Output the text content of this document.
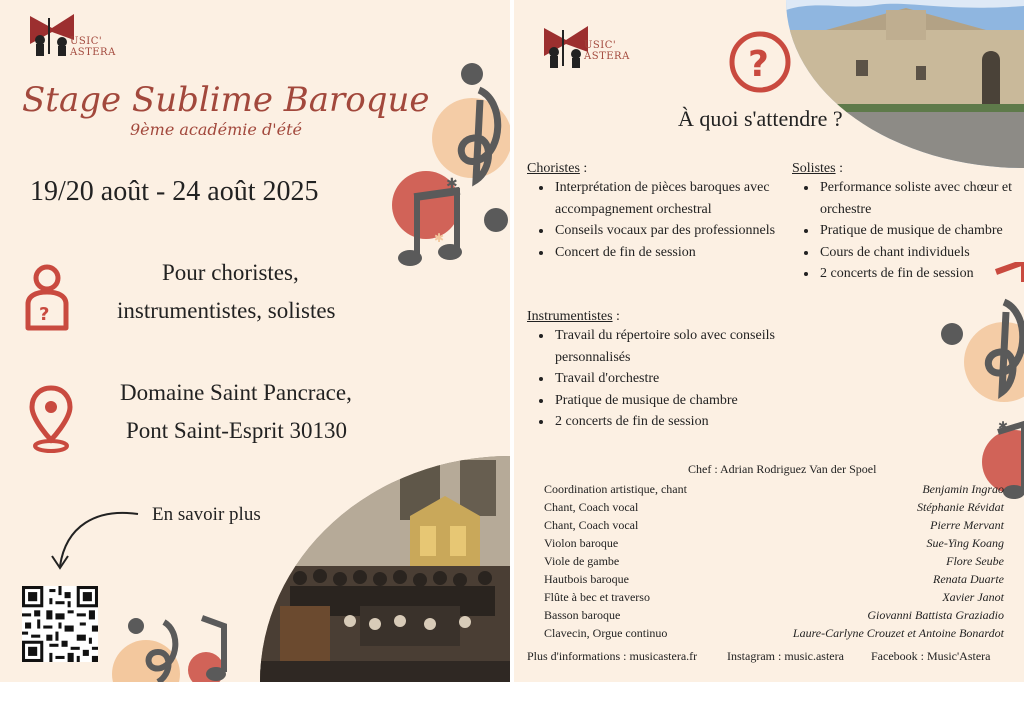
USIC' ASTERA
Stage Sublime Baroque
9ème académie d'été
✱
✱
19/20 août - 24 août 2025
?
Pour choristes,
instrumentistes, solistes
Domaine Saint Pancrace,
Pont Saint-Esprit 30130
En savoir plus
USIC' ASTERA	?
À quoi s'attendre ?
Choristes :
• Interprétation de pièces baroques avec accompagnement orchestral
• Conseils vocaux par des professionnels
• Concert de fin de session
Solistes :
• Performance soliste avec chœur et orchestre
• Pratique de musique de chambre
• Cours de chant individuels
• 2 concerts de fin de session
Instrumentistes :
• Travail du répertoire solo avec conseils personnalisés
• Travail d'orchestre
• Pratique de musique de chambre
• 2 concerts de fin de session	✱
Chef : Adrian Rodriguez Van der Spoel
Coordination artistique, chant	Benjamin Ingrao
Chant, Coach vocal	Stéphanie Révidat
Chant, Coach vocal	Pierre Mervant
Violon baroque	Sue-Ying Koang
Viole de gambe	Flore Seube
Hautbois baroque	Renata Duarte
Flûte à bec et traverso	Xavier Janot
Basson baroque	Giovanni Battista Graziadio
Clavecin, Orgue continuo	Laure-Carlyne Crouzet et Antoine Bonardot
Plus d'informations : musicastera.fr Instagram : music.astera Facebook : Music'Astera
